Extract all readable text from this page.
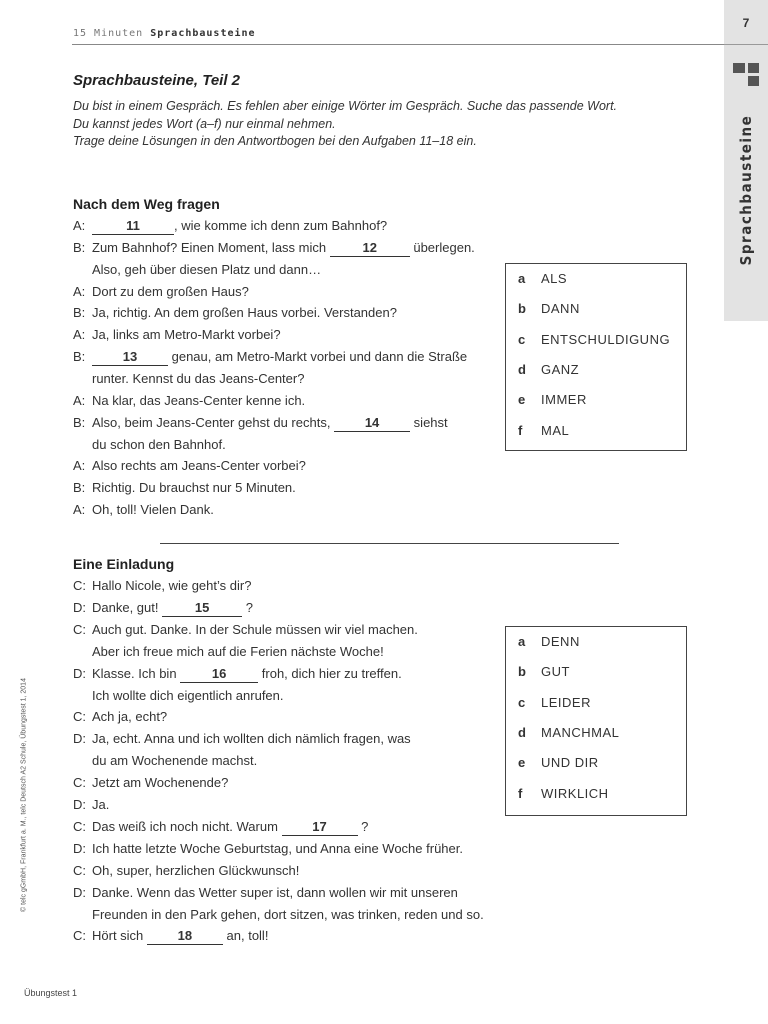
15 Minuten Sprachbausteine
7
Sprachbausteine
Sprachbausteine, Teil 2
Du bist in einem Gespräch. Es fehlen aber einige Wörter im Gespräch. Suche das passende Wort.
Du kannst jedes Wort (a–f) nur einmal nehmen.
Trage deine Lösungen in den Antwortbogen bei den Aufgaben 11–18 ein.
Nach dem Weg fragen
A:	11	, wie komme ich denn zum Bahnhof?
B: Zum Bahnhof? Einen Moment, lass mich	12	überlegen.
Also, geh über diesen Platz und dann…
A: Dort zu dem großen Haus?
B: Ja, richtig. An dem großen Haus vorbei. Verstanden?
A: Ja, links am Metro-Markt vorbei?
B:	13 genau, am Metro-Markt vorbei und dann die Straße
runter. Kennst du das Jeans-Center?
A: Na klar, das Jeans-Center kenne ich.
B: Also, beim Jeans-Center gehst du rechts, 14 siehst
du schon den Bahnhof.
A: Also rechts am Jeans-Center vorbei?
B: Richtig. Du brauchst nur 5 Minuten.
A: Oh, toll! Vielen Dank.
a ALS
b DANN
c ENTSCHULDIGUNG
d GANZ
e IMMER
f MAL
Eine Einladung
C: Hallo Nicole, wie geht’s dir?
D: Danke, gut!	15	?
C: Auch gut. Danke. In der Schule müssen wir viel machen.
Aber ich freue mich auf die Ferien nächste Woche!
D: Klasse. Ich bin 16 froh, dich hier zu treffen.
Ich wollte dich eigentlich anrufen.
C: Ach ja, echt?
D: Ja, echt. Anna und ich wollten dich nämlich fragen, was
du am Wochenende machst.
C: Jetzt am Wochenende?
D: Ja.
C: Das weiß ich noch nicht. Warum 17 ?
D: Ich hatte letzte Woche Geburtstag, und Anna eine Woche früher.
C: Oh, super, herzlichen Glückwunsch!
D: Danke. Wenn das Wetter super ist, dann wollen wir mit unseren
Freunden in den Park gehen, dort sitzen, was trinken, reden und so.
C: Hört sich 18 an, toll!
a DENN
b GUT
c LEIDER
d MANCHMAL
e UND DIR
f WIRKLICH
© telc gGmbH, Frankfurt a. M., telc Deutsch A2 Schule, Übungstest 1, 2014
Übungstest 1
